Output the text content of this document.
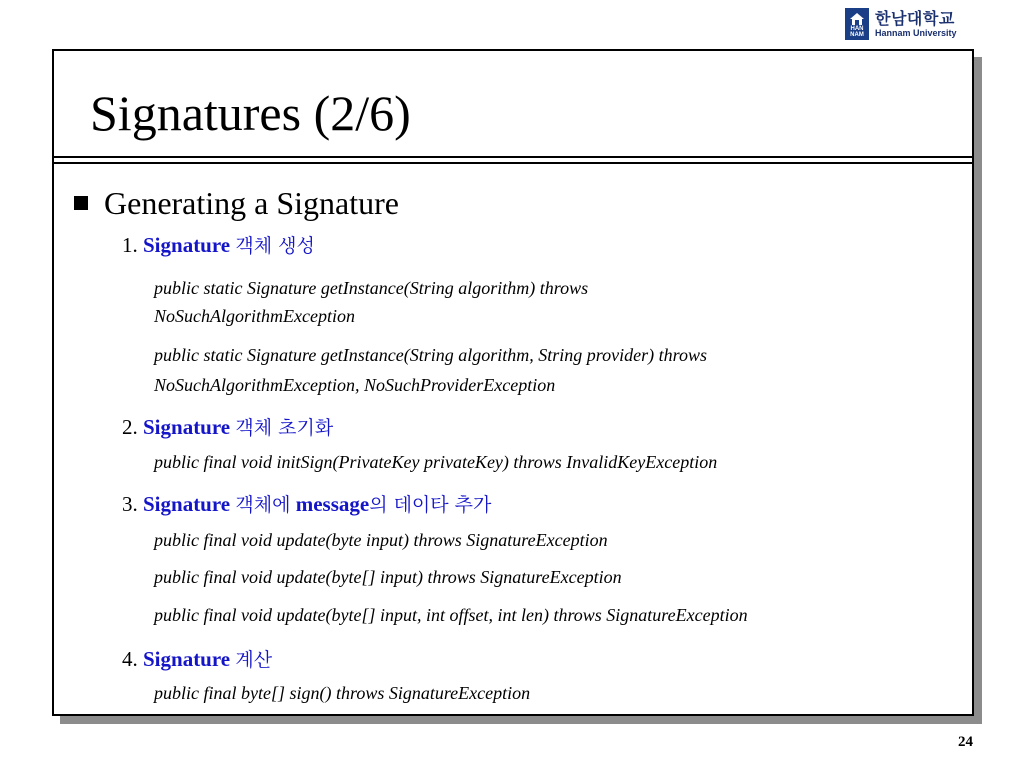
HAN
NAM
한남대학교
Hannam University
Signatures (2/6)
Generating a Signature
1. Signature 객체 생성
public static Signature getInstance(String algorithm) throws
NoSuchAlgorithmException
public static Signature getInstance(String algorithm, String provider) throws
NoSuchAlgorithmException, NoSuchProviderException
2. Signature 객체 초기화
public final void initSign(PrivateKey privateKey) throws InvalidKeyException
3. Signature 객체에 message의 데이타 추가
public final void update(byte input) throws SignatureException
public final void update(byte[] input) throws SignatureException
public final void update(byte[] input, int offset, int len) throws SignatureException
4. Signature 계산
public final byte[] sign() throws SignatureException
24
